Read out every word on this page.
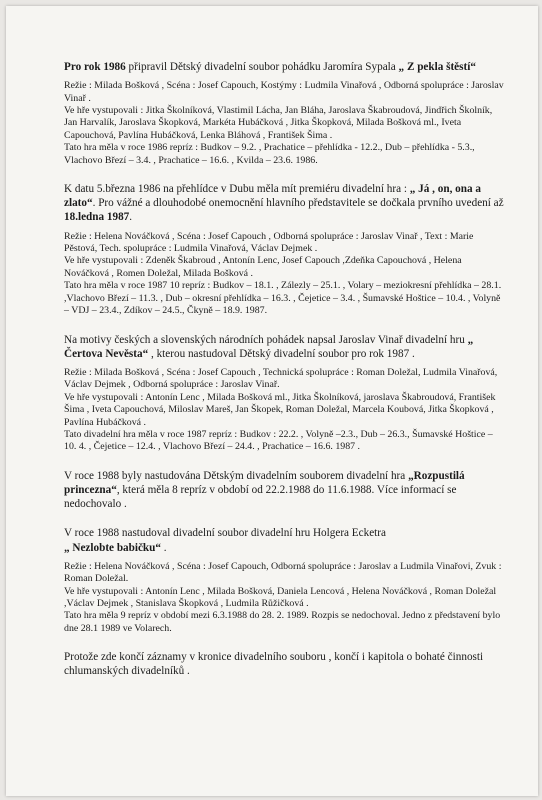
Pro rok 1986 připravil Dětský divadelní soubor pohádku Jaromíra Sypala „ Z pekla štěstí“

Režie : Milada Bošková , Scéna : Josef Capouch, Kostýmy : Ludmila Vinařová , Odborná spolupráce : Jaroslav Vinař .

Ve hře vystupovali : Jitka Školníková, Vlastimil Lácha, Jan Bláha, Jaroslava Škabroudová, Jindřich Školník, Jan Harvalík, Jaroslava Škopková, Markéta Hubáčková , Jitka Škopková, Milada Bošková ml., Iveta Capouchová, Pavlína Hubáčková, Lenka Bláhová , František Šima .

Tato hra měla v roce 1986 repríz : Budkov – 9.2. , Prachatice – přehlídka - 12.2., Dub – přehlídka - 5.3., Vlachovo Březí – 3.4. , Prachatice – 16.6. , Kvilda – 23.6. 1986.

K datu 5.března 1986 na přehlídce v Dubu měla mít premiéru divadelní hra : „ Já , on, ona a zlato“. Pro vážné a dlouhodobé onemocnění hlavního představitele se dočkala prvního uvedení až 18.ledna 1987.

Režie : Helena Nováčková , Scéna : Josef Capouch , Odborná spolupráce : Jaroslav Vinař , Text : Marie Pěstová, Tech. spolupráce : Ludmila Vinařová, Václav Dejmek .

Ve hře vystupovali : Zdeněk Škabroud , Antonín Lenc, Josef Capouch ,Zdeňka Capouchová , Helena Nováčková , Romen Doležal, Milada Bošková .

Tato hra měla v roce 1987 10 repríz : Budkov – 18.1. , Zálezly – 25.1. , Volary – meziokresní přehlídka – 28.1. ,Vlachovo Březí – 11.3. , Dub – okresní přehlídka – 16.3. , Čejetice – 3.4. , Šumavské Hoštice – 10.4. , Volyně – VDJ – 23.4., Zdíkov – 24.5., Čkyně – 18.9. 1987.

Na motivy českých a slovenských národních pohádek napsal Jaroslav Vinař divadelní hru „ Čertova Nevěsta“ , kterou nastudoval Dětský divadelní soubor pro rok 1987 .

Režie : Milada Bošková , Scéna : Josef Capouch , Technická spolupráce : Roman Doležal, Ludmila Vinařová, Václav Dejmek , Odborná spolupráce : Jaroslav Vinař.

Ve hře vystupovali : Antonín Lenc , Milada Bošková ml., Jitka Školníková, jaroslava Škabroudová, František Šima , Iveta Capouchová, Miloslav Mareš, Jan Škopek, Roman Doležal, Marcela Koubová, Jitka Škopková , Pavlína Hubáčková .

Tato divadelní hra měla v roce 1987 repríz : Budkov : 22.2. , Volyně –2.3., Dub – 26.3., Šumavské Hoštice – 10. 4. , Čejetice – 12.4. , Vlachovo Březí – 24.4. , Prachatice – 16.6. 1987 .

V roce 1988 byly nastudována Dětským divadelním souborem divadelní hra „Rozpustilá princezna“, která měla 8 repríz v období od 22.2.1988 do 11.6.1988. Více informací se nedochovalo .

V roce 1988 nastudoval divadelní soubor divadelní hru Holgera Ecketra
„ Nezlobte babičku“ .

Režie : Helena Nováčková , Scéna : Josef Capouch, Odborná spolupráce : Jaroslav a Ludmila Vinařovi, Zvuk : Roman Doležal.

Ve hře vystupovali : Antonín Lenc , Milada Bošková, Daniela Lencová , Helena Nováčková , Roman Doležal ,Václav Dejmek , Stanislava Škopková , Ludmila Růžičková .

Tato hra měla 9 repríz v období mezi 6.3.1988 do 28. 2. 1989. Rozpis se nedochoval. Jedno z představení bylo dne 28.1 1989 ve Volarech.

Protože zde končí záznamy v kronice divadelního souboru , končí i kapitola o bohaté činnosti chlumanských divadelníků .
